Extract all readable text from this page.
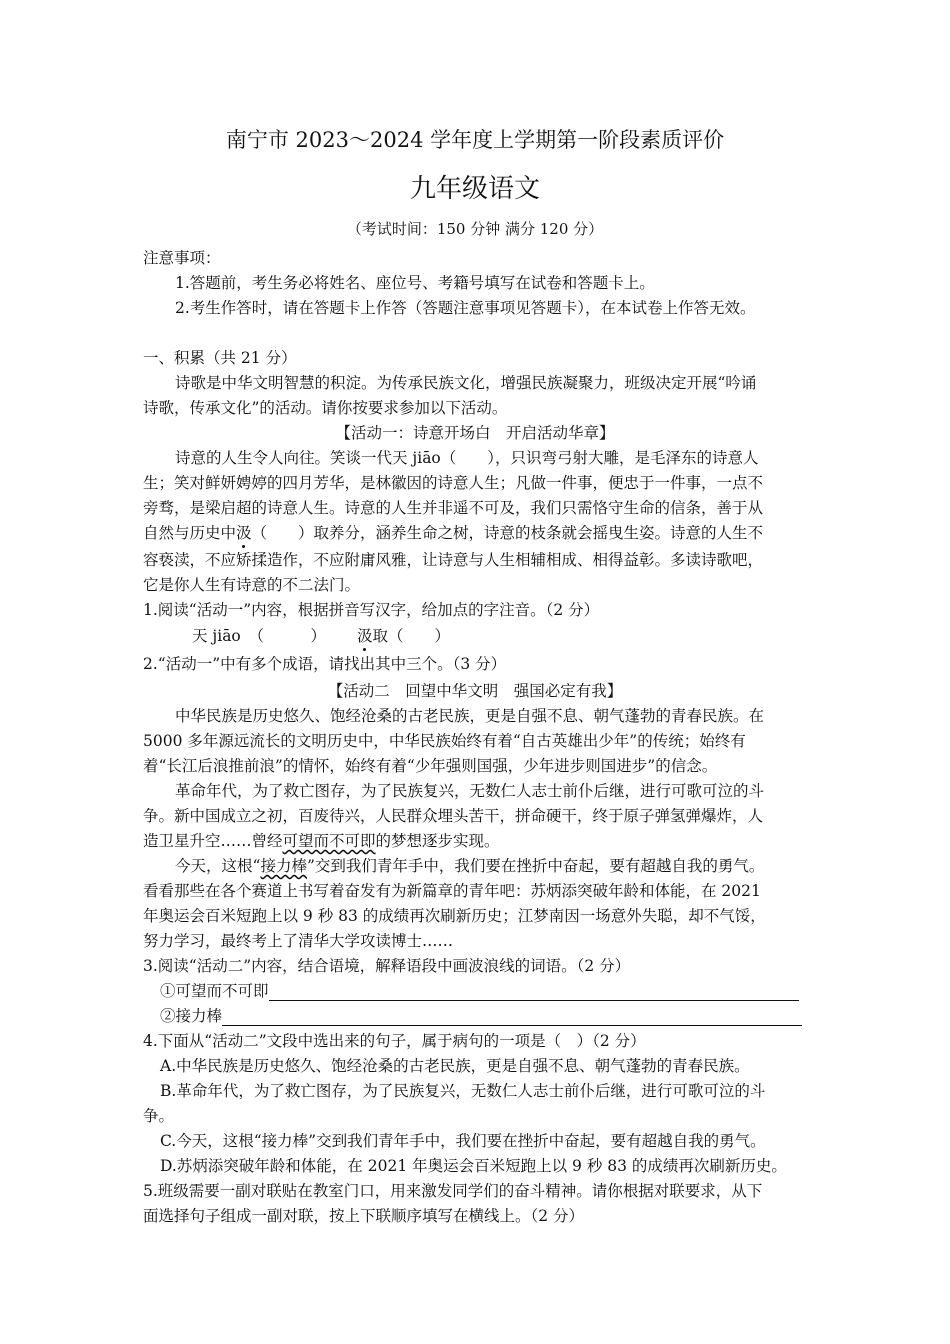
南宁市 2023～2024 学年度上学期第一阶段素质评价
九年级语文
（考试时间：150 分钟 满分 120 分）
注意事项：
1.答题前，考生务必将姓名、座位号、考籍号填写在试卷和答题卡上。
2.考生作答时，请在答题卡上作答（答题注意事项见答题卡），在本试卷上作答无效。
一、积累（共 21 分）
诗歌是中华文明智慧的积淀。为传承民族文化，增强民族凝聚力，班级决定开展“吟诵
诗歌，传承文化”的活动。请你按要求参加以下活动。
【活动一：诗意开场白　开启活动华章】
诗意的人生令人向往。笑谈一代天 jiāo（　　），只识弯弓射大雕，是毛泽东的诗意人
生；笑对鲜妍娉婷的四月芳华，是林徽因的诗意人生；凡做一件事，便忠于一件事，一点不
旁骛，是梁启超的诗意人生。诗意的人生并非遥不可及，我们只需恪守生命的信条，善于从
自然与历史中汲（　　）取养分，涵养生命之树，诗意的枝条就会摇曳生姿。诗意的人生不
容亵渎，不应矫揉造作，不应附庸风雅，让诗意与人生相辅相成、相得益彰。多读诗歌吧，
它是你人生有诗意的不二法门。
1.阅读“活动一”内容，根据拼音写汉字，给加点的字注音。（2 分）
天 jiāo　（　　　）	汲取（　　）
2.“活动一”中有多个成语，请找出其中三个。（3 分）
【活动二　回望中华文明　强国必定有我】
中华民族是历史悠久、饱经沧桑的古老民族，更是自强不息、朝气蓬勃的青春民族。在
5000 多年源远流长的文明历史中，中华民族始终有着“自古英雄出少年”的传统；始终有
着“长江后浪推前浪”的情怀，始终有着“少年强则国强，少年进步则国进步”的信念。
革命年代，为了救亡图存，为了民族复兴，无数仁人志士前仆后继，进行可歌可泣的斗
争。新中国成立之初，百废待兴，人民群众埋头苦干，拼命硬干，终于原子弹氢弹爆炸，人
造卫星升空……曾经可望而不可即的梦想逐步实现。
今天，这根“接力棒”交到我们青年手中，我们要在挫折中奋起，要有超越自我的勇气。
看看那些在各个赛道上书写着奋发有为新篇章的青年吧：苏炳添突破年龄和体能，在 2021
年奥运会百米短跑上以 9 秒 83 的成绩再次刷新历史；江梦南因一场意外失聪，却不气馁，
努力学习，最终考上了清华大学攻读博士……
3.阅读“活动二”内容，结合语境，解释语段中画波浪线的词语。（2 分）
①可望而不可即
②接力棒
4.下面从“活动二”文段中选出来的句子，属于病句的一项是（　）（2 分）
A.中华民族是历史悠久、饱经沧桑的古老民族，更是自强不息、朝气蓬勃的青春民族。
B.革命年代，为了救亡图存，为了民族复兴，无数仁人志士前仆后继，进行可歌可泣的斗
争。
C.今天，这根“接力棒”交到我们青年手中，我们要在挫折中奋起，要有超越自我的勇气。
D.苏炳添突破年龄和体能，在 2021 年奥运会百米短跑上以 9 秒 83 的成绩再次刷新历史。
5.班级需要一副对联贴在教室门口，用来激发同学们的奋斗精神。请你根据对联要求，从下
面选择句子组成一副对联，按上下联顺序填写在横线上。（2 分）
